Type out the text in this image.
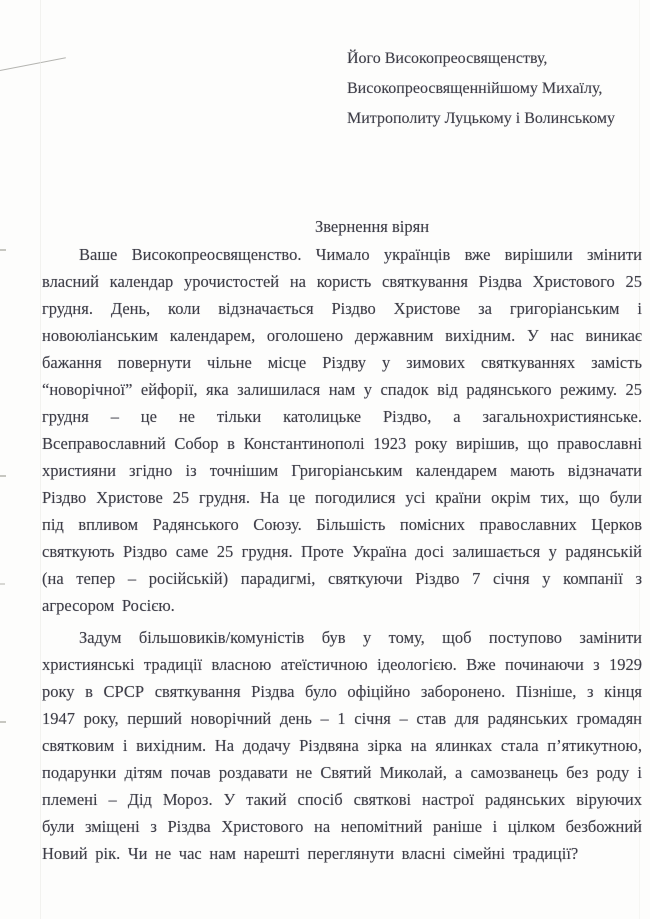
Його Високопреосвященству,
Високопреосвященнійшому Михаїлу,
Митрополиту Луцькому і Волинському
Звернення вірян

Ваше Високопреосвященство. Чимало українців вже вирішили змінити власний календар урочистостей на користь святкування Різдва Христового 25 грудня. День, коли відзначається Різдво Христове за григоріанським і новоюліанським календарем, оголошено державним вихідним. У нас виникає бажання повернути чільне місце Різдву у зимових святкуваннях замість “новорічної” ейфорії, яка залишилася нам у спадок від радянського режиму. 25 грудня – це не тільки католицьке Різдво, а загальнохристиянське. Всеправославний Собор в Константинополі 1923 року вирішив, що православні християни згідно із точнішим Григоріанським календарем мають відзначати Різдво Христове 25 грудня. На це погодилися усі країни окрім тих, що були під впливом Радянського Союзу. Більшість помісних православних Церков святкують Різдво саме 25 грудня. Проте Україна досі залишається у радянській (на тепер – російській) парадигмі, святкуючи Різдво 7 січня у компанії з агресором Росією.

Задум більшовиків/комуністів був у тому, щоб поступово замінити християнські традиції власною атеїстичною ідеологією. Вже починаючи з 1929 року в СРСР святкування Різдва було офіційно заборонено. Пізніше, з кінця 1947 року, перший новорічний день – 1 січня – став для радянських громадян святковим і вихідним. На додачу Різдвяна зірка на ялинках стала п’ятикутною, подарунки дітям почав роздавати не Святий Миколай, а самозванець без роду і племені – Дід Мороз. У такий спосіб святкові настрої радянських віруючих були зміщені з Різдва Христового на непомітний раніше і цілком безбожний Новий рік. Чи не час нам нарешті переглянути власні сімейні традиції?
